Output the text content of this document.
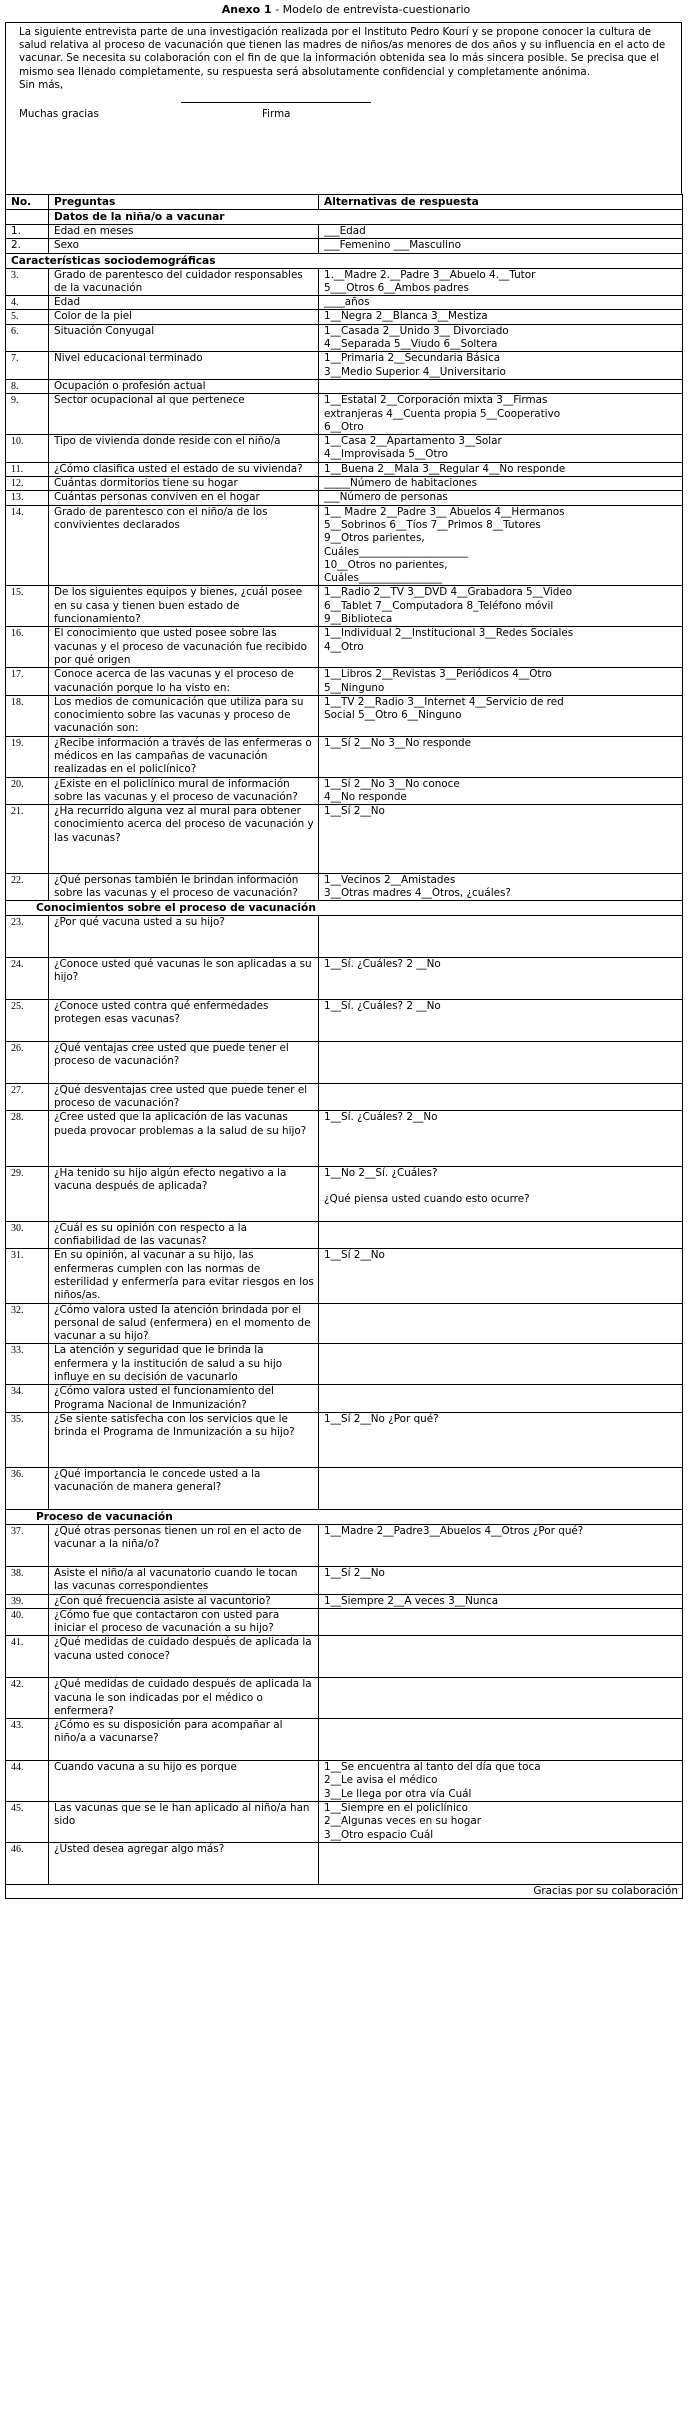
Anexo 1 - Modelo de entrevista-cuestionario

La siguiente entrevista parte de una investigación realizada por el Instituto Pedro Kourí y se propone conocer la cultura de salud relativa al proceso de vacunación que tienen las madres de niños/as menores de dos años y su influencia en el acto de vacunar. Se necesita su colaboración con el fin de que la información obtenida sea lo más sincera posible. Se precisa que el mismo sea llenado completamente, su respuesta será absolutamente confidencial y completamente anónima.

Sin más,

Muchas gracias	Firma
No.	Preguntas	Alternativas de respuesta
	Datos de la niña/o a vacunar	
1.	Edad en meses	___Edad

2.	Sexo	___Femenino ___Masculino

Características sociodemográficas		
3.	Grado de parentesco del cuidador responsables de la vacunación	1.__Madre 2.__Padre 3__Abuelo 4.__Tutor
5___Otros 6__Ambos padres

4.	Edad	____años

5.	Color de la piel	1__Negra 2__Blanca 3__Mestiza

6.	Situación Conyugal	1__Casada 2__Unido 3__ Divorciado
4__Separada 5__Viudo 6__Soltera

7.	Nivel educacional terminado	1__Primaria 2__Secundaria Básica
3__Medio Superior 4__Universitario

8.	Ocupación o profesión actual	
9.	Sector ocupacional al que pertenece	1__Estatal 2__Corporación mixta 3__Firmas
extranjeras 4__Cuenta propia 5__Cooperativo
6__Otro

10.	Tipo de vivienda donde reside con el niño/a	1__Casa 2__Apartamento 3__Solar
4__Improvisada 5__Otro

11.	¿Cómo clasifica usted el estado de su vivienda?	1__Buena 2__Mala 3__Regular 4__No responde

12.	Cuántas dormitorios tiene su hogar	_____Número de habitaciones

13.	Cuántas personas conviven en el hogar	___Número de personas

14.	Grado de parentesco con el niño/a de los convivientes declarados	
1__ Madre 2__Padre 3__ Abuelos 4__Hermanos
5__Sobrinos 6__Tíos 7__Primos 8__Tutores
9__Otros parientes,
Cuáles_____________________
10__Otros no parientes,
Cuáles________________

15.	De los siguientes equipos y bienes, ¿cuál posee en su casa y tienen buen estado de funcionamiento?	1__Radio 2__TV 3__DVD 4__Grabadora 5__Video
6__Tablet 7__Computadora 8_Teléfono móvil
9__Biblioteca

16.	El conocimiento que usted posee sobre las vacunas y el proceso de vacunación fue recibido por qué origen	1__Individual 2__Institucional 3__Redes Sociales
4__Otro

17.	Conoce acerca de las vacunas y el proceso de vacunación porque lo ha visto en:	1__Libros 2__Revistas 3__Periódicos 4__Otro
5__Ninguno

18.	Los medios de comunicación que utiliza para su conocimiento sobre las vacunas y proceso de vacunación son:	1__TV 2__Radio 3__Internet 4__Servicio de red
Social 5__Otro 6__Ninguno

19.	¿Recibe información a través de las enfermeras o médicos en las campañas de vacunación realizadas en el policlínico?	1__Sí 2__No 3__No responde

20.	¿Existe en el policlínico mural de información sobre las vacunas y el proceso de vacunación?	1__Sí 2__No 3__No conoce
4__No responde

21.	¿Ha recurrido alguna vez al mural para obtener conocimiento acerca del proceso de vacunación y las vacunas?	1__Sí 2__No

22.	¿Qué personas también le brindan información sobre las vacunas y el proceso de vacunación?	1__Vecinos 2__Amistades
3__Otras madres 4__Otros, ¿cuáles?

Conocimientos sobre el proceso de vacunación		
23.	¿Por qué vacuna usted a su hijo?	
24.	¿Conoce usted qué vacunas le son aplicadas a su hijo?	1__Sí. ¿Cuáles? 2 __No

25.	¿Conoce usted contra qué enfermedades protegen esas vacunas?	1__Sí. ¿Cuáles? 2 __No

26.	¿Qué ventajas cree usted que puede tener el proceso de vacunación?	
27.	¿Qué desventajas cree usted que puede tener el proceso de vacunación?	
28.	¿Cree usted que la aplicación de las vacunas pueda provocar problemas a la salud de su hijo?	1__Sí. ¿Cuáles? 2__No

29.	¿Ha tenido su hijo algún efecto negativo a la vacuna después de aplicada?	1__No 2__Sí. ¿Cuáles?
¿Qué piensa usted cuando esto ocurre?

30.	¿Cuál es su opinión con respecto a la confiabilidad de las vacunas?	
31.	En su opinión, al vacunar a su hijo, las enfermeras cumplen con las normas de esterilidad y enfermería para evitar riesgos en los niños/as.	1__Sí 2__No

32.	¿Cómo valora usted la atención brindada por el personal de salud (enfermera) en el momento de vacunar a su hijo?	
33.	La atención y seguridad que le brinda la enfermera y la institución de salud a su hijo influye en su decisión de vacunarlo	
34.	¿Cómo valora usted el funcionamiento del Programa Nacional de Inmunización?	
35.	¿Se siente satisfecha con los servicios que le brinda el Programa de Inmunización a su hijo?	1__Sí 2__No ¿Por qué?

36.	¿Qué importancia le concede usted a la vacunación de manera general?	
Proceso de vacunación		
37.	¿Qué otras personas tienen un rol en el acto de vacunar a la niña/o?	1__Madre 2__Padre3__Abuelos 4__Otros ¿Por qué?

38.	Asiste el niño/a al vacunatorio cuando le tocan las vacunas correspondientes	1__Sí 2__No

39.	¿Con qué frecuencia asiste al vacuntorio?	1__Siempre 2__A veces 3__Nunca

40.	¿Cómo fue que contactaron con usted para iniciar el proceso de vacunación a su hijo?	
41.	¿Qué medidas de cuidado después de aplicada la vacuna usted conoce?	
42.	¿Qué medidas de cuidado después de aplicada la vacuna le son indicadas por el médico o enfermera?	
43.	¿Cómo es su disposición para acompañar al niño/a a vacunarse?	
44.	Cuando vacuna a su hijo es porque	1__Se encuentra al tanto del día que toca
2__Le avisa el médico
3__Le llega por otra vía Cuál

45.	Las vacunas que se le han aplicado al niño/a han sido	1__Siempre en el policlínico
2__Algunas veces en su hogar
3__Otro espacio Cuál

46.	¿Usted desea agregar algo más?	
Gracias por su colaboración		
